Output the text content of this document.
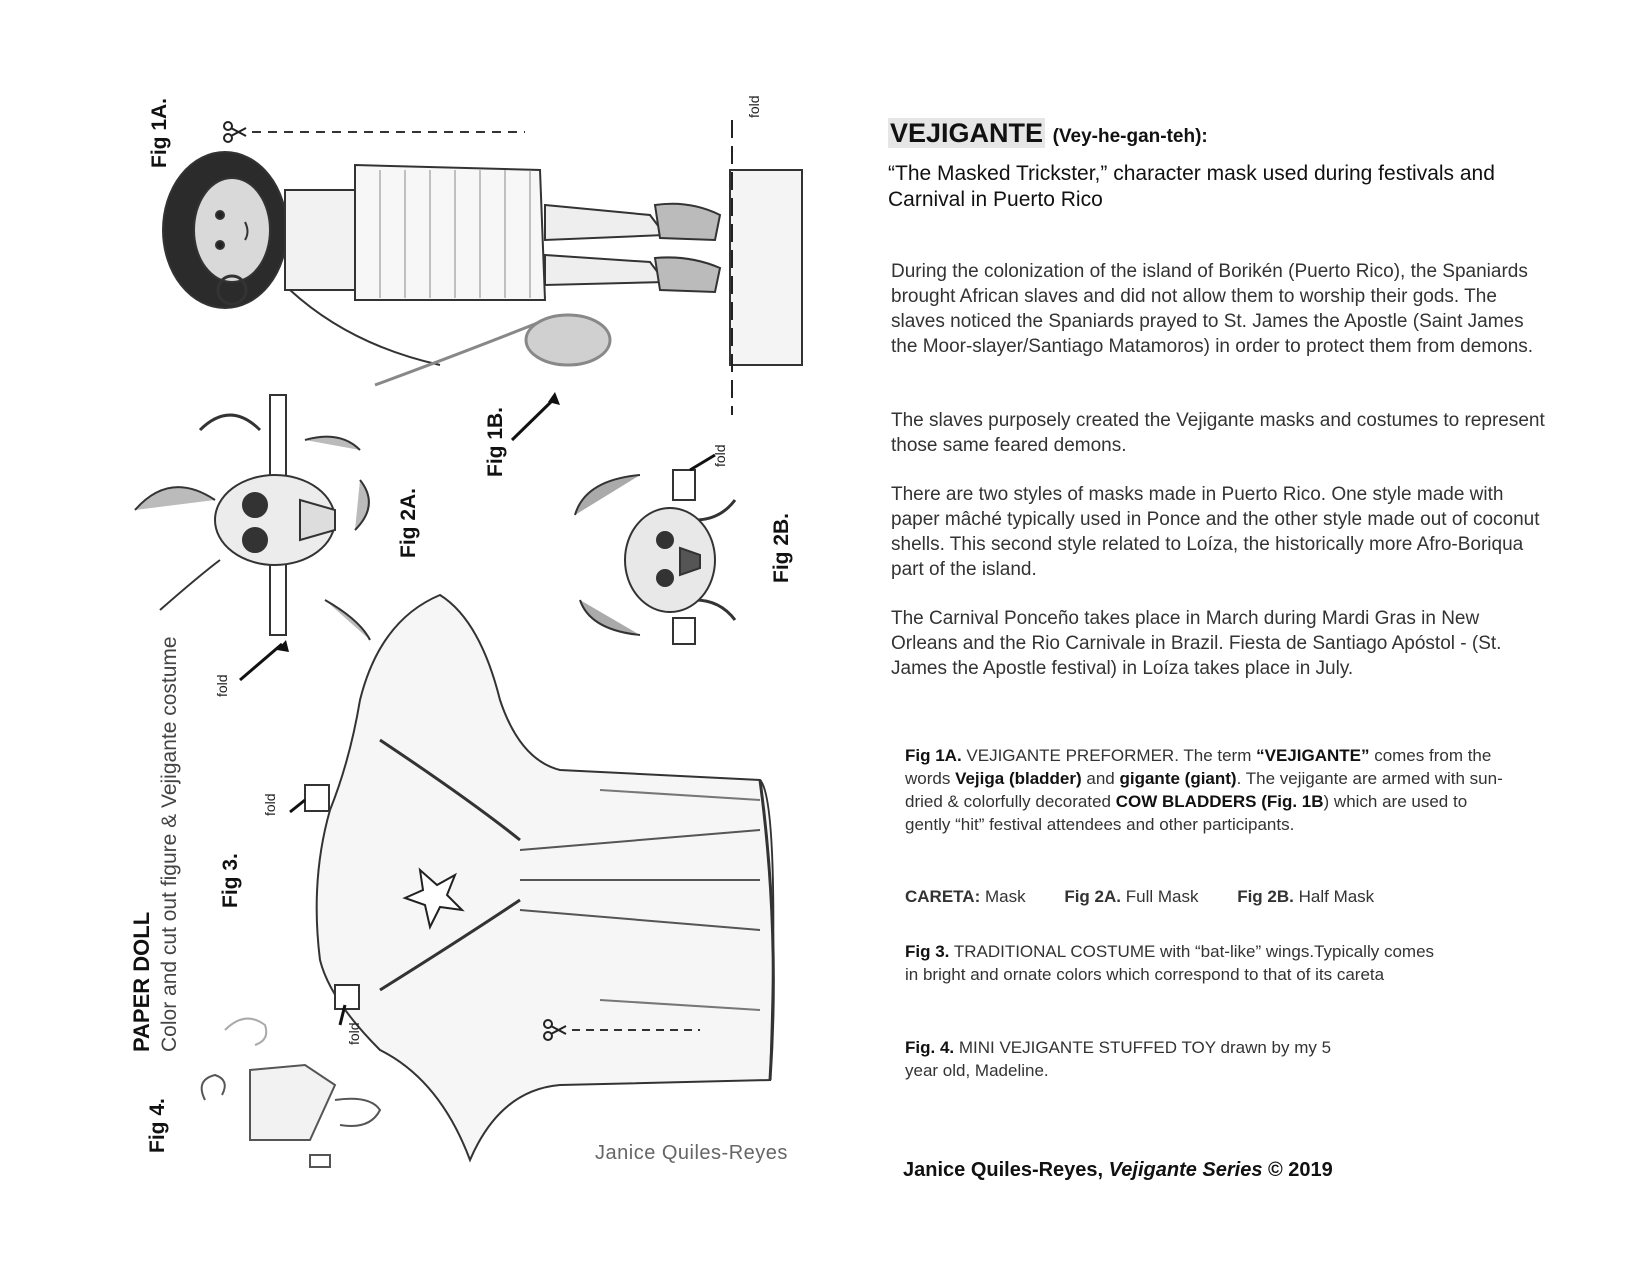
Fig 1A.	fold
Fig 1B.	fold
Fig 2A.	Fig 2B.
fold
fold
Fig 3.
fold
PAPER DOLL Color and cut out figure & Vejigante costume
Fig 4.	Janice Quiles-Reyes
VEJIGANTE (Vey-he-gan-teh):
“The Masked Trickster,” character mask used during festivals and Carnival in Puerto Rico
During the colonization of the island of Borikén (Puerto Rico), the Spaniards brought African slaves and did not allow them to worship their gods. The slaves noticed the Spaniards prayed to St. James the Apostle (Saint James the Moor-slayer/Santiago Matamoros) in order to protect them from demons.
The slaves purposely created the Vejigante masks and costumes to represent those same feared demons.
There are two styles of masks made in Puerto Rico. One style made with paper mâché typically used in Ponce and the other style made out of coconut shells. This second style related to Loíza, the historically more Afro-Boriqua part of the island.
The Carnival Ponceño takes place in March during Mardi Gras in New Orleans and the Rio Carnivale in Brazil. Fiesta de Santiago Apóstol - (St. James the Apostle festival) in Loíza takes place in July.
Fig 1A. VEJIGANTE PREFORMER. The term “VEJIGANTE” comes from the words Vejiga (bladder) and gigante (giant). The vejigante are armed with sun-dried & colorfully decorated COW BLADDERS (Fig. 1B) which are used to gently “hit” festival attendees and other participants.
CARETA: Mask Fig 2A. Full Mask Fig 2B. Half Mask
Fig 3. TRADITIONAL COSTUME with “bat-like” wings.Typically comes in bright and ornate colors which correspond to that of its careta
Fig. 4. MINI VEJIGANTE STUFFED TOY drawn by my 5 year old, Madeline.
Janice Quiles-Reyes, Vejigante Series © 2019
